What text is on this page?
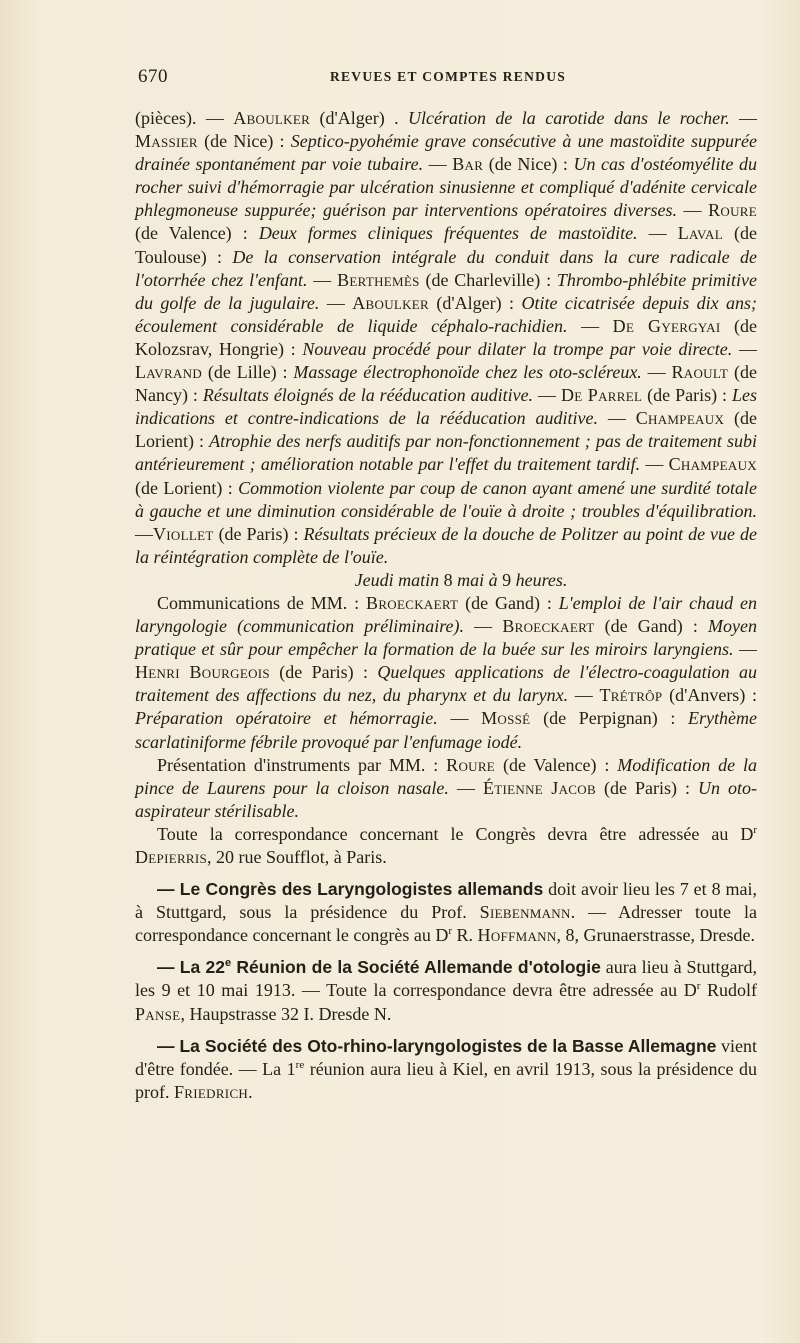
670	REVUES ET COMPTES RENDUS

(pièces). — Aboulker (d'Alger) . Ulcération de la carotide dans le rocher. — Massier (de Nice) : Septico-pyohémie grave consécutive à une mastoïdite suppurée drainée spontanément par voie tubaire. — Bar (de Nice) : Un cas d'ostéomyélite du rocher suivi d'hémorragie par ulcération sinusienne et compliqué d'adénite cervicale phlegmoneuse suppurée; guérison par interventions opératoires diverses. — Roure (de Valence) : Deux formes cliniques fréquentes de mastoïdite. — Laval (de Toulouse) : De la conservation intégrale du conduit dans la cure radicale de l'otorrhée chez l'enfant. — Berthemès (de Charleville) : Thrombo-phlébite primitive du golfe de la jugulaire. — Aboulker (d'Alger) : Otite cicatrisée depuis dix ans; écoulement considérable de liquide céphalo-rachidien. — De Gyergyai (de Kolozsrav, Hongrie) : Nouveau procédé pour dilater la trompe par voie directe. — Lavrand (de Lille) : Massage électrophonoïde chez les oto-scléreux. — Raoult (de Nancy) : Résultats éloignés de la rééducation auditive. — De Parrel (de Paris) : Les indications et contre-indications de la rééducation auditive. — Champeaux (de Lorient) : Atrophie des nerfs auditifs par non-fonctionnement ; pas de traitement subi antérieurement ; amélioration notable par l'effet du traitement tardif. — Champeaux (de Lorient) : Commotion violente par coup de canon ayant amené une surdité totale à gauche et une diminution considérable de l'ouïe à droite ; troubles d'équilibration. —Viollet (de Paris) : Résultats précieux de la douche de Politzer au point de vue de la réintégration complète de l'ouïe.

Jeudi matin 8 mai à 9 heures.

Communications de MM. : Broeckaert (de Gand) : L'emploi de l'air chaud en laryngologie (communication préliminaire). — Broeckaert (de Gand) : Moyen pratique et sûr pour empêcher la formation de la buée sur les miroirs laryngiens. — Henri Bourgeois (de Paris) : Quelques applications de l'électro-coagulation au traitement des affections du nez, du pharynx et du larynx. — Trétrôp (d'Anvers) : Préparation opératoire et hémorragie. — Mossé (de Perpignan) : Erythème scarlatiniforme fébrile provoqué par l'enfumage iodé.

Présentation d'instruments par MM. : Roure (de Valence) : Modification de la pince de Laurens pour la cloison nasale. — Étienne Jacob (de Paris) : Un oto-aspirateur stérilisable.

Toute la correspondance concernant le Congrès devra être adressée au $D^r$ Depierris, 20 rue Soufflot, à Paris.

— Le Congrès des Laryngologistes allemands doit avoir lieu les 7 et 8 mai, à Stuttgard, sous la présidence du Prof. Siebenmann. — Adresser toute la correspondance concernant le congrès au $D^r$ R. Hoffmann, 8, Grunaerstrasse, Dresde.

— La 22e Réunion de la Société Allemande d'otologie aura lieu à Stuttgard, les 9 et 10 mai 1913. — Toute la correspondance devra être adressée au $D^r$ Rudolf Panse, Haupstrasse 32 I. Dresde N.

— La Société des Oto-rhino-laryngologistes de la Basse Allemagne vient d'être fondée. — La 1re réunion aura lieu à Kiel, en avril 1913, sous la présidence du prof. Friedrich.
